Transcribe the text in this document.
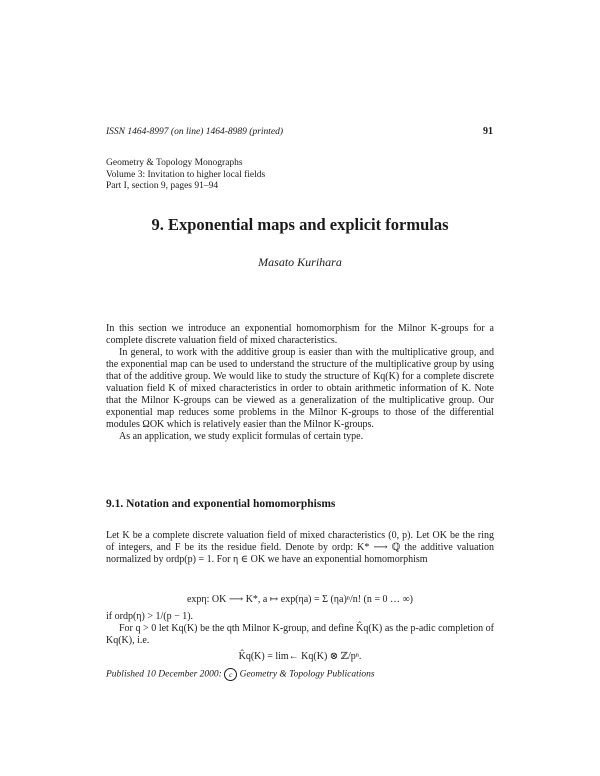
ISSN 1464-8997 (on line) 1464-8989 (printed)	91
Geometry & Topology Monographs
Volume 3: Invitation to higher local fields
Part I, section 9, pages 91–94
9. Exponential maps and explicit formulas
Masato Kurihara

In this section we introduce an exponential homomorphism for the Milnor K-groups for a complete discrete valuation field of mixed characteristics.

In general, to work with the additive group is easier than with the multiplicative group, and the exponential map can be used to understand the structure of the multiplicative group by using that of the additive group. We would like to study the structure of Kq(K) for a complete discrete valuation field K of mixed characteristics in order to obtain arithmetic information of K. Note that the Milnor K-groups can be viewed as a generalization of the multiplicative group. Our exponential map reduces some problems in the Milnor K-groups to those of the differential modules ΩOK which is relatively easier than the Milnor K-groups.

As an application, we study explicit formulas of certain type.

9.1. Notation and exponential homomorphisms

Let K be a complete discrete valuation field of mixed characteristics (0, p). Let OK be the ring of integers, and F be its the residue field. Denote by ordp: K* ⟶ ℚ the additive valuation normalized by ordp(p) = 1. For η ∈ OK we have an exponential homomorphism

expη: OK ⟶ K*, a ↦ exp(ηa) = Σ (ηa)ⁿ/n! (n = 0 … ∞)

if ordp(η) > 1/(p − 1).

For q > 0 let Kq(K) be the qth Milnor K-group, and define K̂q(K) as the p-adic completion of Kq(K), i.e.

Published 10 December 2000: c Geometry & Topology Publications
K̂q(K) = lim← Kq(K) ⊗ ℤ/pⁿ.
